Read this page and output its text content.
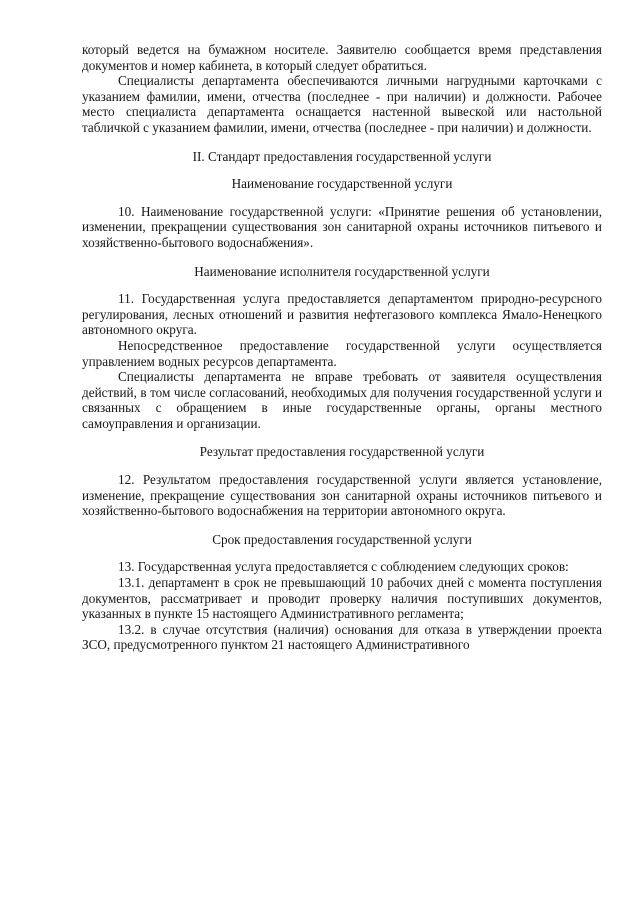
который ведется на бумажном носителе. Заявителю сообщается время представления документов и номер кабинета, в который следует обратиться.

Специалисты департамента обеспечиваются личными нагрудными карточками с указанием фамилии, имени, отчества (последнее - при наличии) и должности. Рабочее место специалиста департамента оснащается настенной вывеской или настольной табличкой с указанием фамилии, имени, отчества (последнее - при наличии) и должности.

II. Стандарт предоставления государственной услуги
Наименование государственной услуги

10. Наименование государственной услуги: «Принятие решения об установлении, изменении, прекращении существования зон санитарной охраны источников питьевого и хозяйственно-бытового водоснабжения».

Наименование исполнителя государственной услуги

11. Государственная услуга предоставляется департаментом природно-ресурсного регулирования, лесных отношений и развития нефтегазового комплекса Ямало-Ненецкого автономного округа.

Непосредственное предоставление государственной услуги осуществляется управлением водных ресурсов департамента.

Специалисты департамента не вправе требовать от заявителя осуществления действий, в том числе согласований, необходимых для получения государственной услуги и связанных с обращением в иные государственные органы, органы местного самоуправления и организации.

Результат предоставления государственной услуги

12. Результатом предоставления государственной услуги является установление, изменение, прекращение существования зон санитарной охраны источников питьевого и хозяйственно-бытового водоснабжения на территории автономного округа.

Срок предоставления государственной услуги

13. Государственная услуга предоставляется с соблюдением следующих сроков:

13.1. департамент в срок не превышающий 10 рабочих дней с момента поступления документов, рассматривает и проводит проверку наличия поступивших документов, указанных в пункте 15 настоящего Административного регламента;

13.2. в случае отсутствия (наличия) основания для отказа в утверждении проекта ЗСО, предусмотренного пунктом 21 настоящего Административного
